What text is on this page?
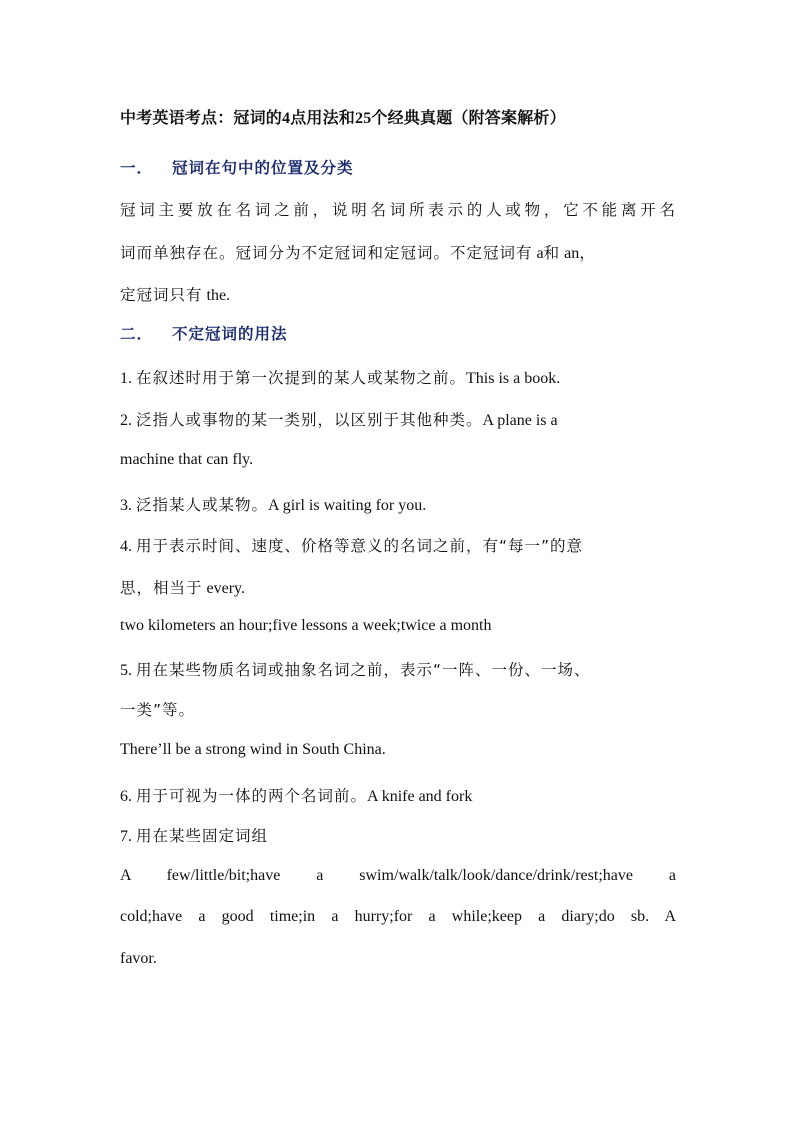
中考英语考点：冠词的4点用法和25个经典真题（附答案解析）
一． 冠词在句中的位置及分类
冠词主要放在名词之前，说明名词所表示的人或物，它不能离开名
词而单独存在。冠词分为不定冠词和定冠词。不定冠词有 a和 an，
定冠词只有 the.
二． 不定冠词的用法
1. 在叙述时用于第一次提到的某人或某物之前。This is a book.
2. 泛指人或事物的某一类别，以区别于其他种类。A plane is a
machine that can fly.
3. 泛指某人或某物。A girl is waiting for you.
4. 用于表示时间、速度、价格等意义的名词之前，有“每一”的意
思，相当于 every.
two kilometers an hour;five lessons a week;twice a month
5. 用在某些物质名词或抽象名词之前，表示“一阵、一份、一场、
一类”等。
There’ll be a strong wind in South China.
6. 用于可视为一体的两个名词前。A knife and fork
7. 用在某些固定词组
A few/little/bit;have a swim/walk/talk/look/dance/drink/rest;have a
cold;have a good time;in a hurry;for a while;keep a diary;do sb. A
favor.
